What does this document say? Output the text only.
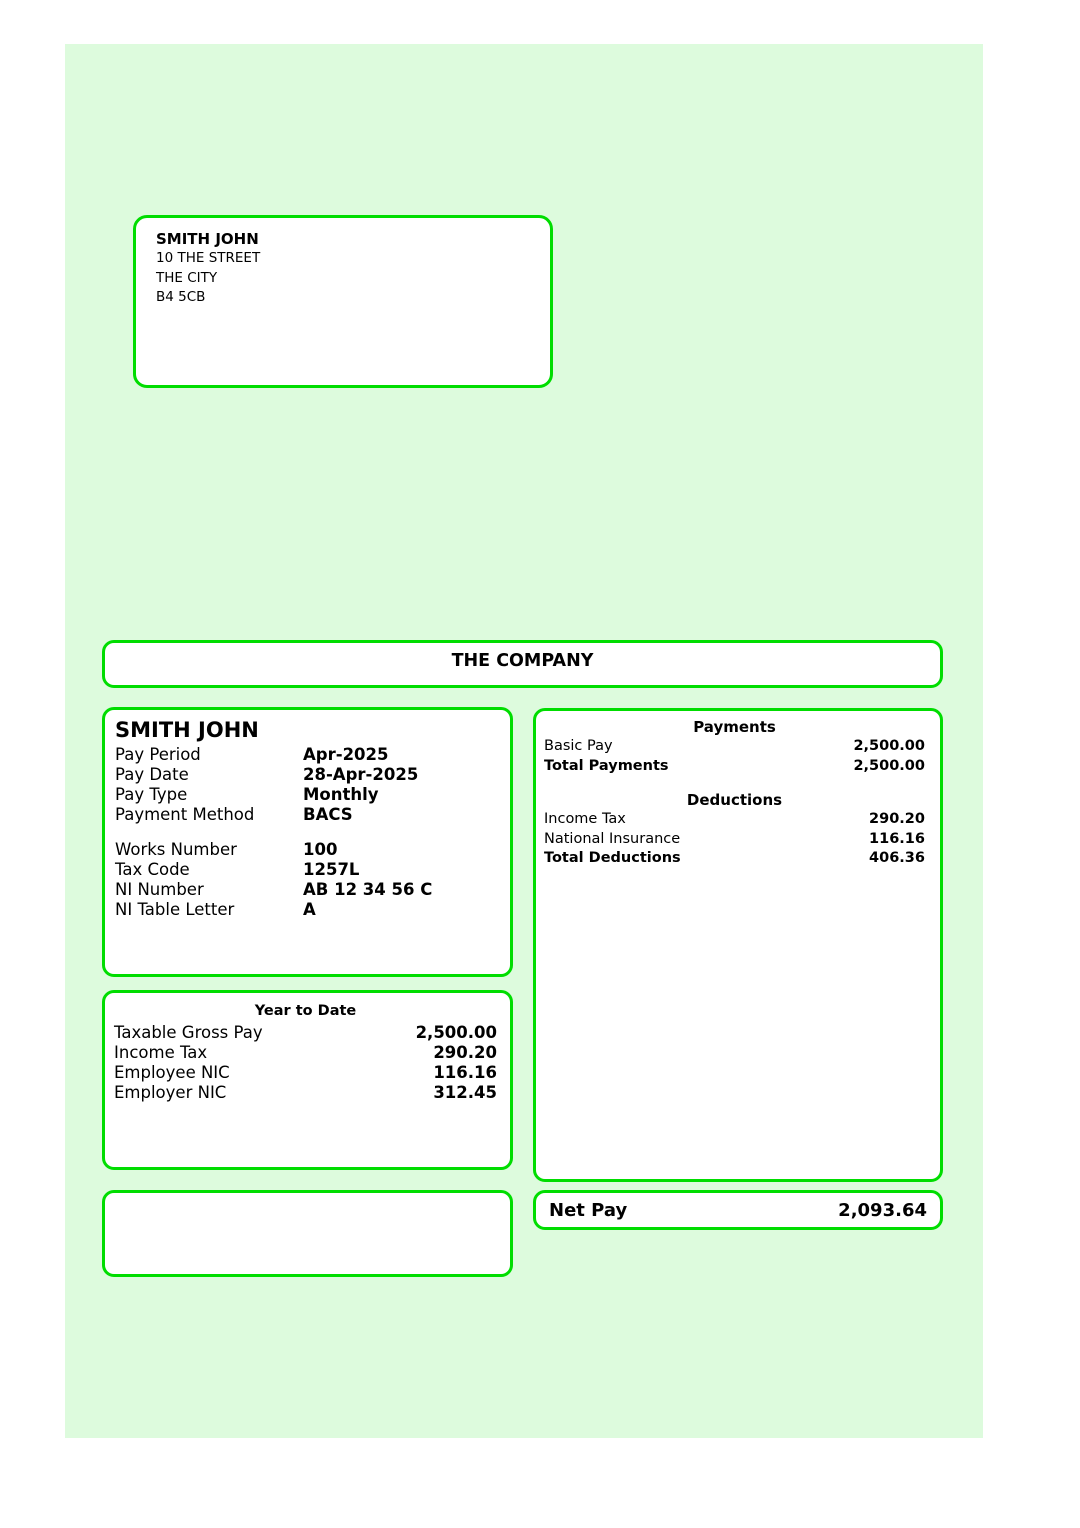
SMITH JOHN
10 THE STREET
THE CITY
B4 5CB
THE COMPANY
SMITH JOHN
Pay Period	Apr-2025
Pay Date	28-Apr-2025
Pay Type	Monthly
Payment Method	BACS
Works Number	100
Tax Code	1257L
NI Number	AB 12 34 56 C
NI Table Letter	A
Payments
Basic Pay	2,500.00
Total Payments	2,500.00
Deductions
Income Tax	290.20
National Insurance	116.16
Total Deductions	406.36
Year to Date
Taxable Gross Pay	2,500.00
Income Tax	290.20
Employee NIC	116.16
Employer NIC	312.45
Net Pay	2,093.64
